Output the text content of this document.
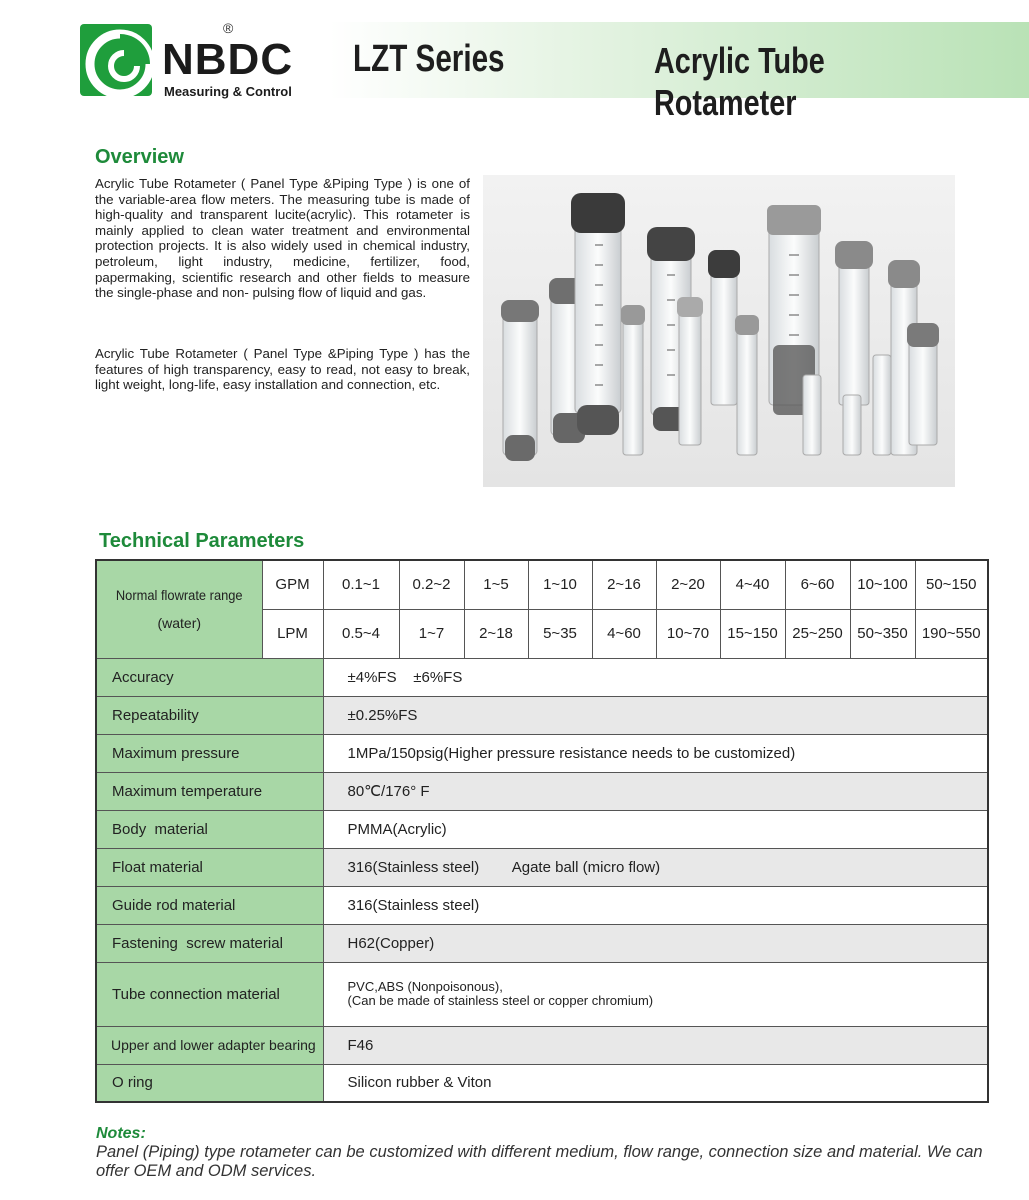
®
NBDC
Measuring & Control
LZT Series	Acrylic Tube Rotameter
Overview

Acrylic Tube Rotameter ( Panel Type &Piping Type ) is one of the variable-area flow meters. The measuring tube is made of high-quality and transparent lucite(acrylic). This rotameter is mainly applied to clean water treatment and environmental protection projects. It is also widely used in chemical industry, petroleum, light industry, medicine, fertilizer, food, papermaking, scientific research and other fields to measure the single-phase and non- pulsing flow of liquid and gas.

Acrylic Tube Rotameter ( Panel Type &Piping Type ) has the features of high transparency, easy to read, not easy to break, light weight, long-life, easy installation and connection, etc.

Technical Parameters
Normal flowrate range
(water)	GPM	0.1~1	0.2~2	1~5	1~10	2~16	2~20	4~40	6~60	10~100	50~150
	LPM	0.5~4	1~7	2~18	5~35	4~60	10~70	15~150	25~250	50~350	190~550
Accuracy		±4%FS    ±6%FS									
Repeatability		±0.25%FS									
Maximum pressure		1MPa/150psig(Higher pressure resistance needs to be customized)									
Maximum temperature		80℃/176° F									
Body  material		PMMA(Acrylic)									
Float material		316(Stainless steel)        Agate ball (micro flow)									
Guide rod material		316(Stainless steel)									
Fastening  screw material		H62(Copper)									
Tube connection material		PVC,ABS (Nonpoisonous),
(Can be made of stainless steel or copper chromium)									

Upper and lower adapter bearing		F46									
O ring		Silicon rubber & Viton									
Notes:

Panel (Piping) type rotameter can be customized with different medium, flow range, connection size and material. We can offer OEM and ODM services.
